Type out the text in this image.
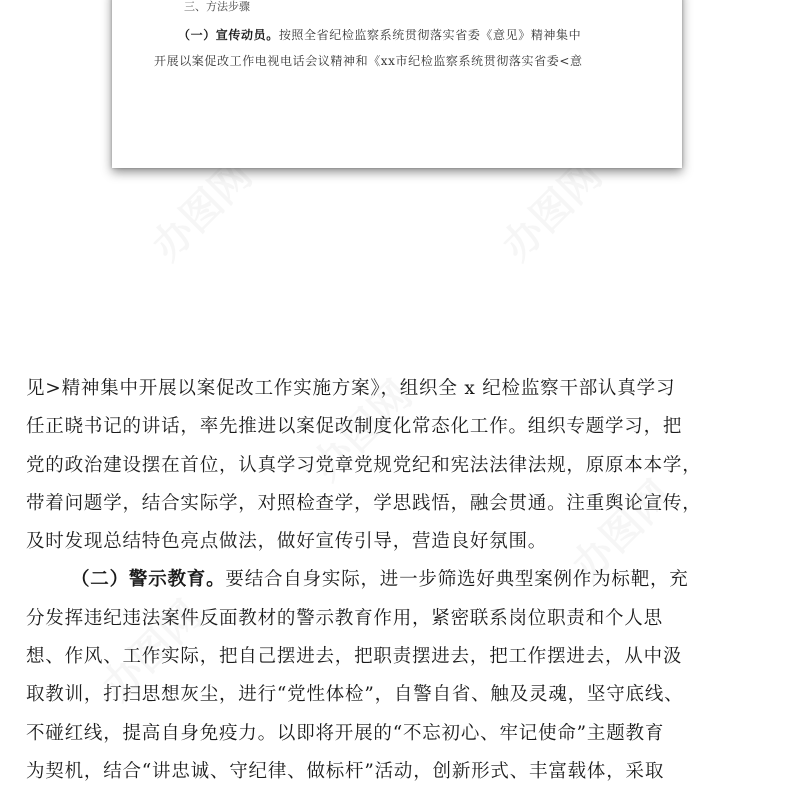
办图网	办图网
办图网
办图网
办图网
三、方法步骤
（一）宣传动员。按照全省纪检监察系统贯彻落实省委《意见》精神集中
开展以案促改工作电视电话会议精神和《xx市纪检监察系统贯彻落实省委<意
见>精神集中开展以案促改工作实施方案》，组织全 x 纪检监察干部认真学习
任正晓书记的讲话，率先推进以案促改制度化常态化工作。组织专题学习，把
党的政治建设摆在首位，认真学习党章党规党纪和宪法法律法规，原原本本学，
带着问题学，结合实际学，对照检查学，学思践悟，融会贯通。注重舆论宣传，
及时发现总结特色亮点做法，做好宣传引导，营造良好氛围。
（二）警示教育。要结合自身实际，进一步筛选好典型案例作为标靶，充
分发挥违纪违法案件反面教材的警示教育作用，紧密联系岗位职责和个人思
想、作风、工作实际，把自己摆进去，把职责摆进去，把工作摆进去，从中汲
取教训，打扫思想灰尘，进行“党性体检”，自警自省、触及灵魂，坚守底线、
不碰红线，提高自身免疫力。以即将开展的“不忘初心、牢记使命”主题教育
为契机，结合“讲忠诚、守纪律、做标杆”活动，创新形式、丰富载体，采取
